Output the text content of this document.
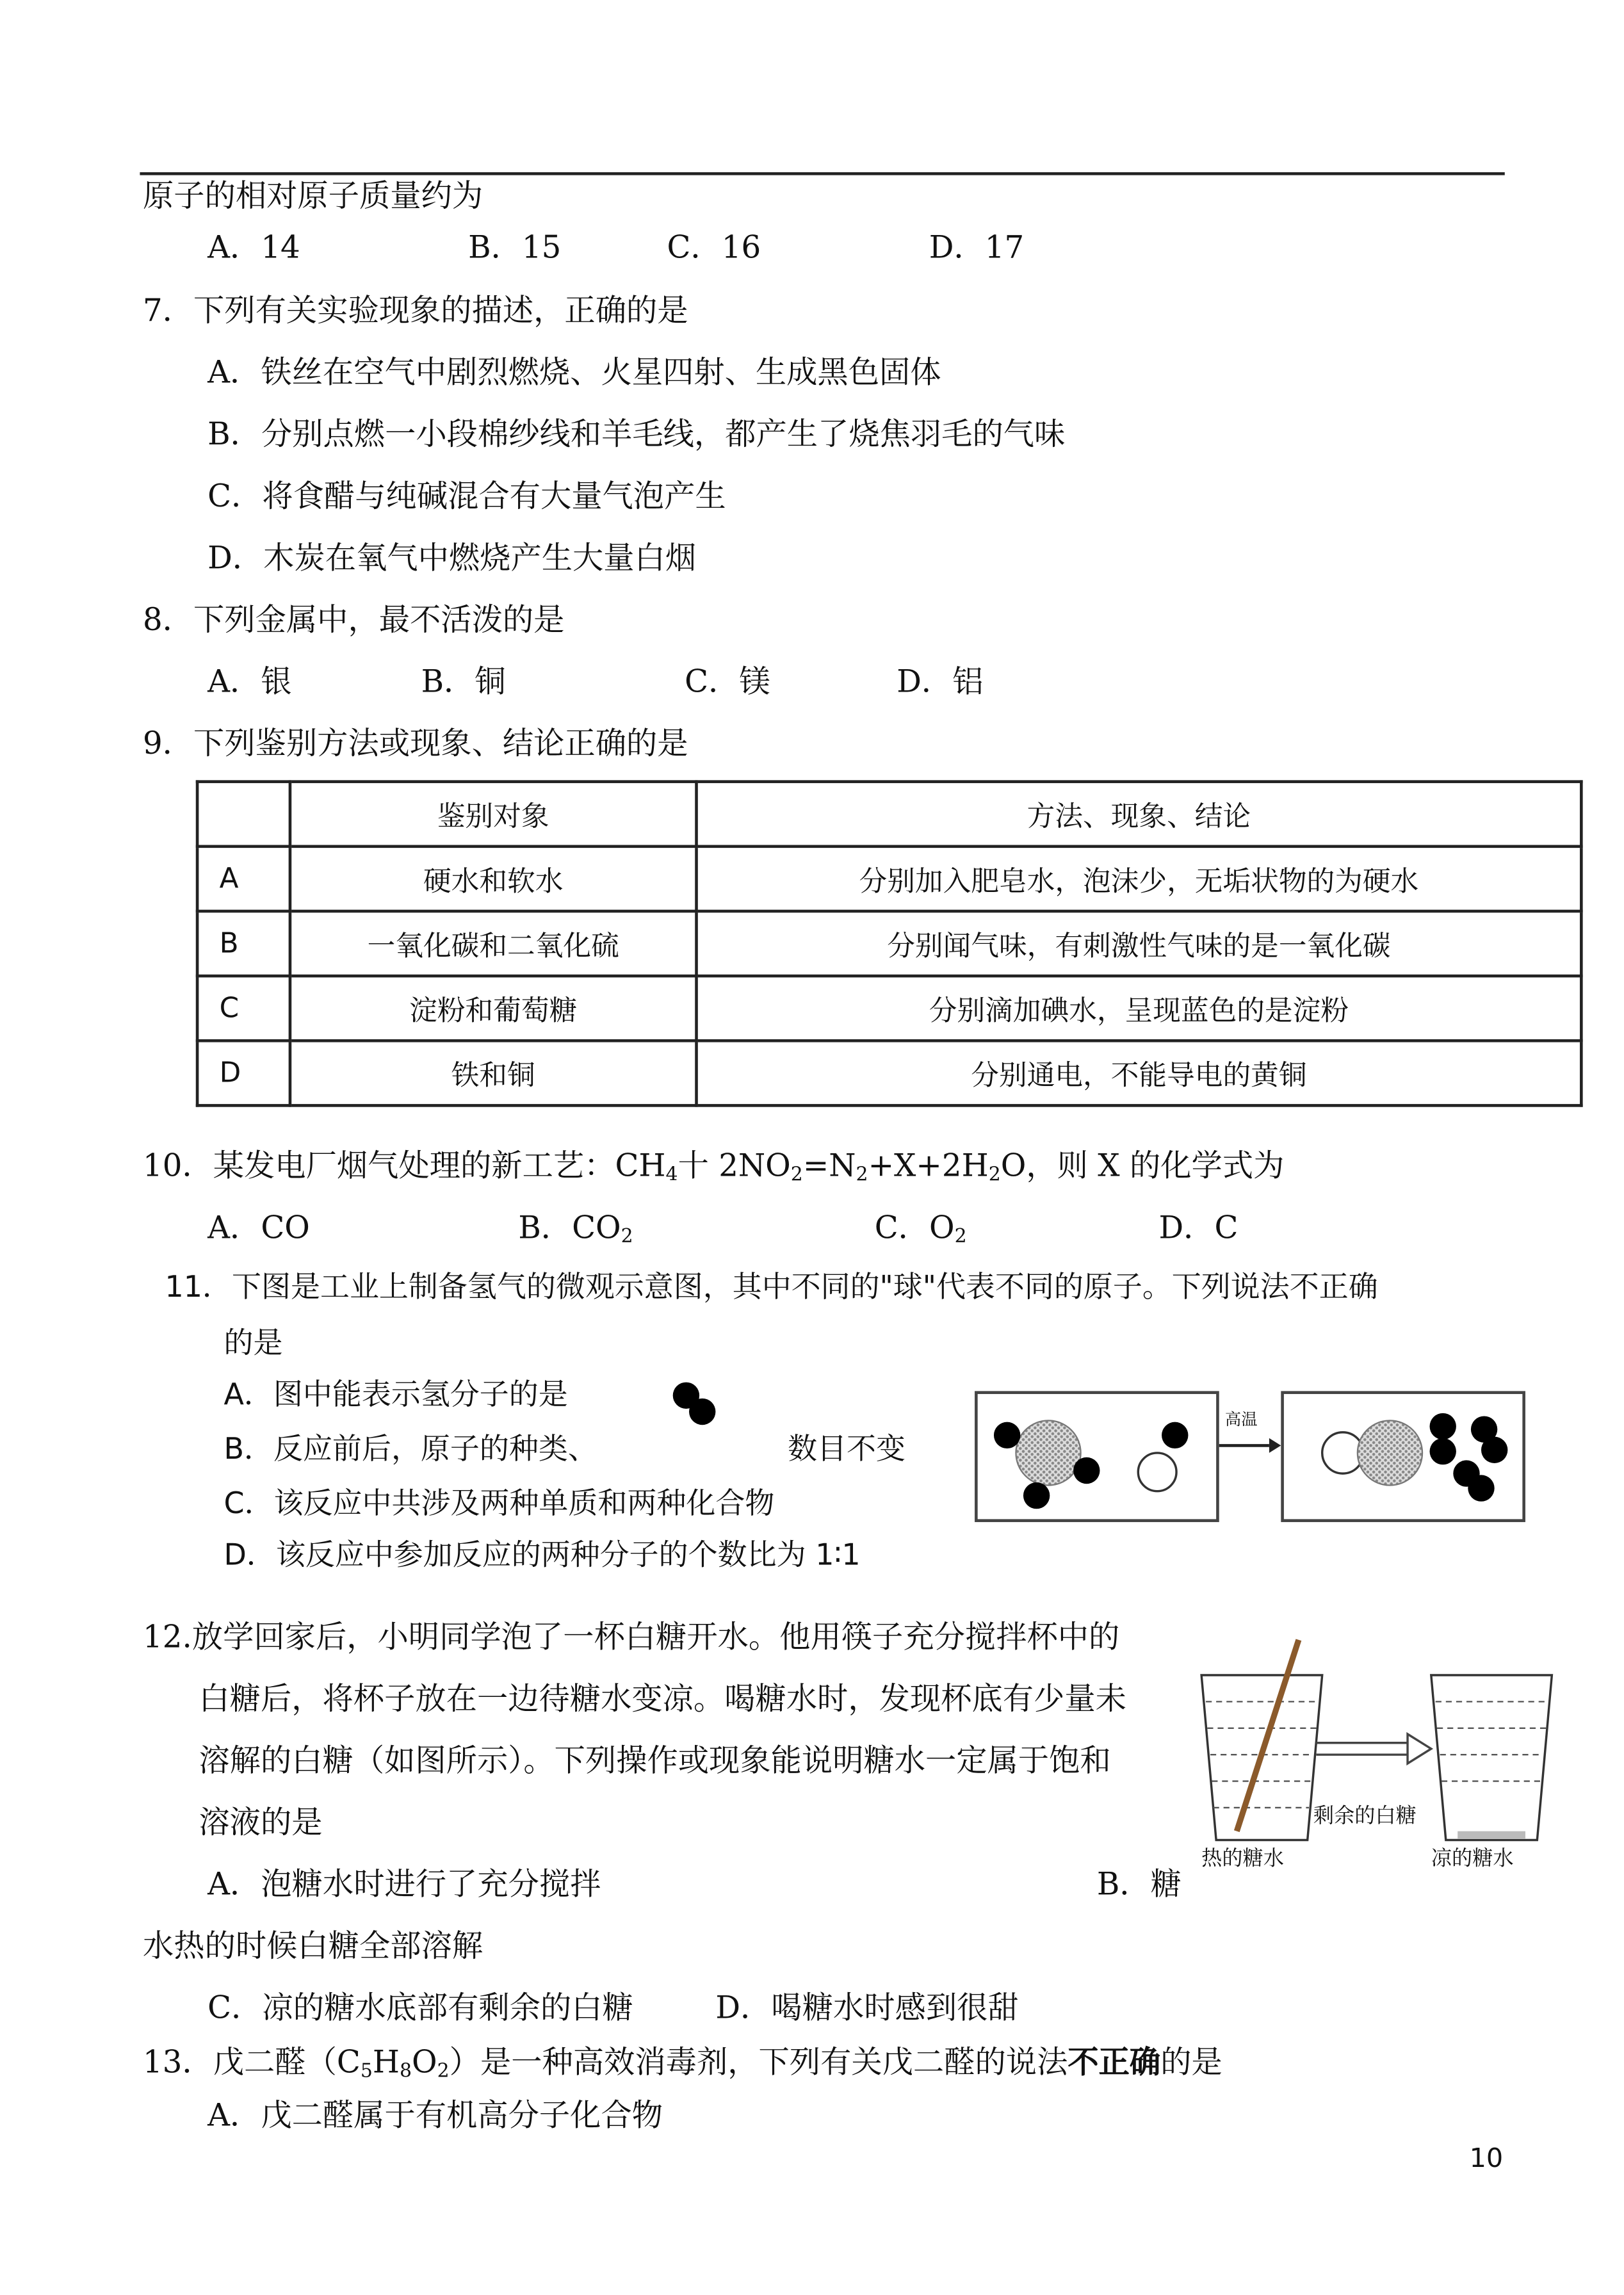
原子的相对原子质量约为
A．14	B．15	C．16	D．17
7．下列有关实验现象的描述，正确的是
A．铁丝在空气中剧烈燃烧、火星四射、生成黑色固体
B．分别点燃一小段棉纱线和羊毛线，都产生了烧焦羽毛的气味
C．将食醋与纯碱混合有大量气泡产生
D．木炭在氧气中燃烧产生大量白烟
8．下列金属中，最不活泼的是
A．银	B．铜	C．镁	D．铝
9．下列鉴别方法或现象、结论正确的是
	鉴别对象	方法、现象、结论
A	硬水和软水	分别加入肥皂水，泡沫少，无垢状物的为硬水
B	一氧化碳和二氧化硫	分别闻气味，有刺激性气味的是一氧化碳
C	淀粉和葡萄糖	分别滴加碘水，呈现蓝色的是淀粉
D	铁和铜	分别通电，不能导电的黄铜
10．某发电厂烟气处理的新工艺：$CH_4$十 $2NO_2=N_2+X+2H_2O$，则 X 的化学式为
A．CO	B．$CO_2$	C．$O_2$	D．C
11．下图是工业上制备氢气的微观示意图，其中不同的"球"代表不同的原子。下列说法不正确
的是
A．图中能表示氢分子的是
B．反应前后，原子的种类、	数目不变
C．该反应中共涉及两种单质和两种化合物
D．该反应中参加反应的两种分子的个数比为 1∶1
高温
12.放学回家后，小明同学泡了一杯白糖开水。他用筷子充分搅拌杯中的
白糖后，将杯子放在一边待糖水变凉。喝糖水时，发现杯底有少量未
溶解的白糖（如图所示）。下列操作或现象能说明糖水一定属于饱和
溶液的是
A．泡糖水时进行了充分搅拌	B．糖
水热的时候白糖全部溶解
C．凉的糖水底部有剩余的白糖	D．喝糖水时感到很甜
剩余的白糖
热的糖水	凉的糖水
13．戊二醛$(C_5H_8O_2)$是一种高效消毒剂，下列有关戊二醛的说法不正确的是
A．戊二醛属于有机高分子化合物
10
